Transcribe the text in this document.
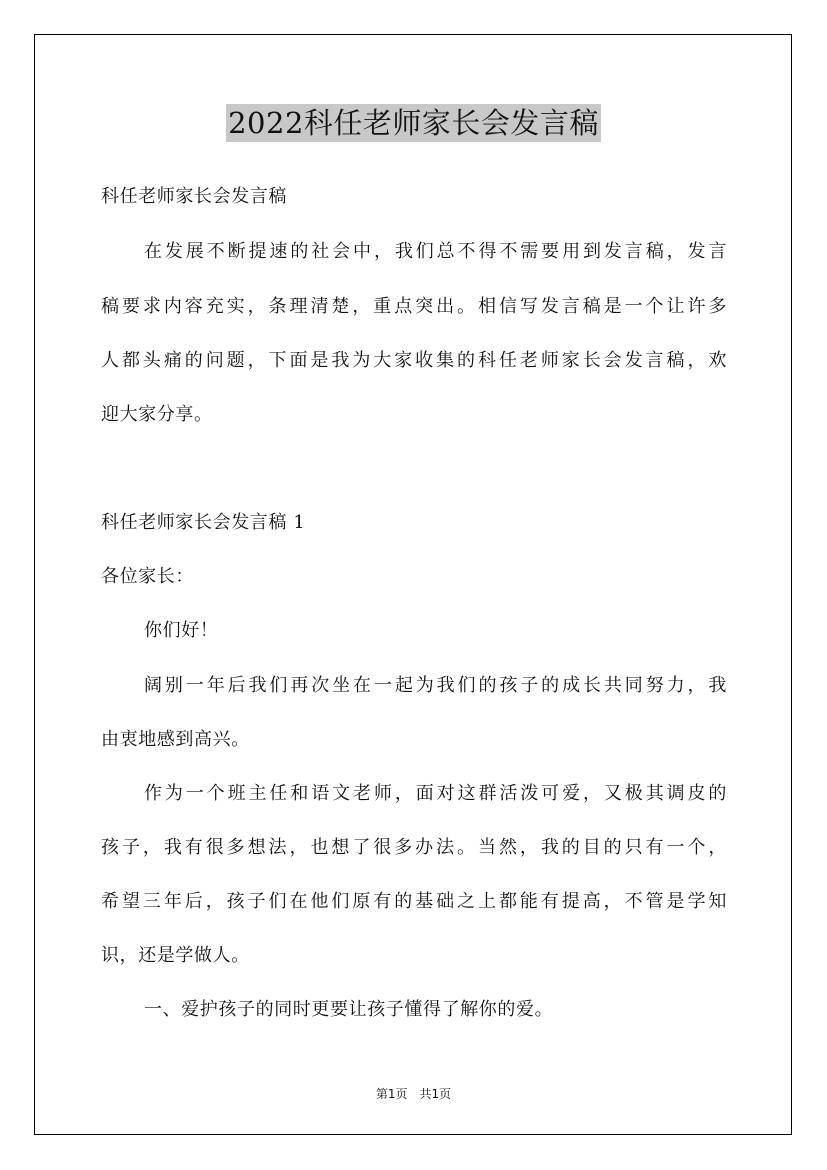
2022科任老师家长会发言稿
科任老师家长会发言稿
在发展不断提速的社会中，我们总不得不需要用到发言稿，发言
稿要求内容充实，条理清楚，重点突出。相信写发言稿是一个让许多
人都头痛的问题，下面是我为大家收集的科任老师家长会发言稿，欢
迎大家分享。
科任老师家长会发言稿 1
各位家长：
你们好！
阔别一年后我们再次坐在一起为我们的孩子的成长共同努力，我
由衷地感到高兴。
作为一个班主任和语文老师，面对这群活泼可爱，又极其调皮的
孩子，我有很多想法，也想了很多办法。当然，我的目的只有一个，
希望三年后，孩子们在他们原有的基础之上都能有提高，不管是学知
识，还是学做人。
一、爱护孩子的同时更要让孩子懂得了解你的爱。
第1页　共1页
